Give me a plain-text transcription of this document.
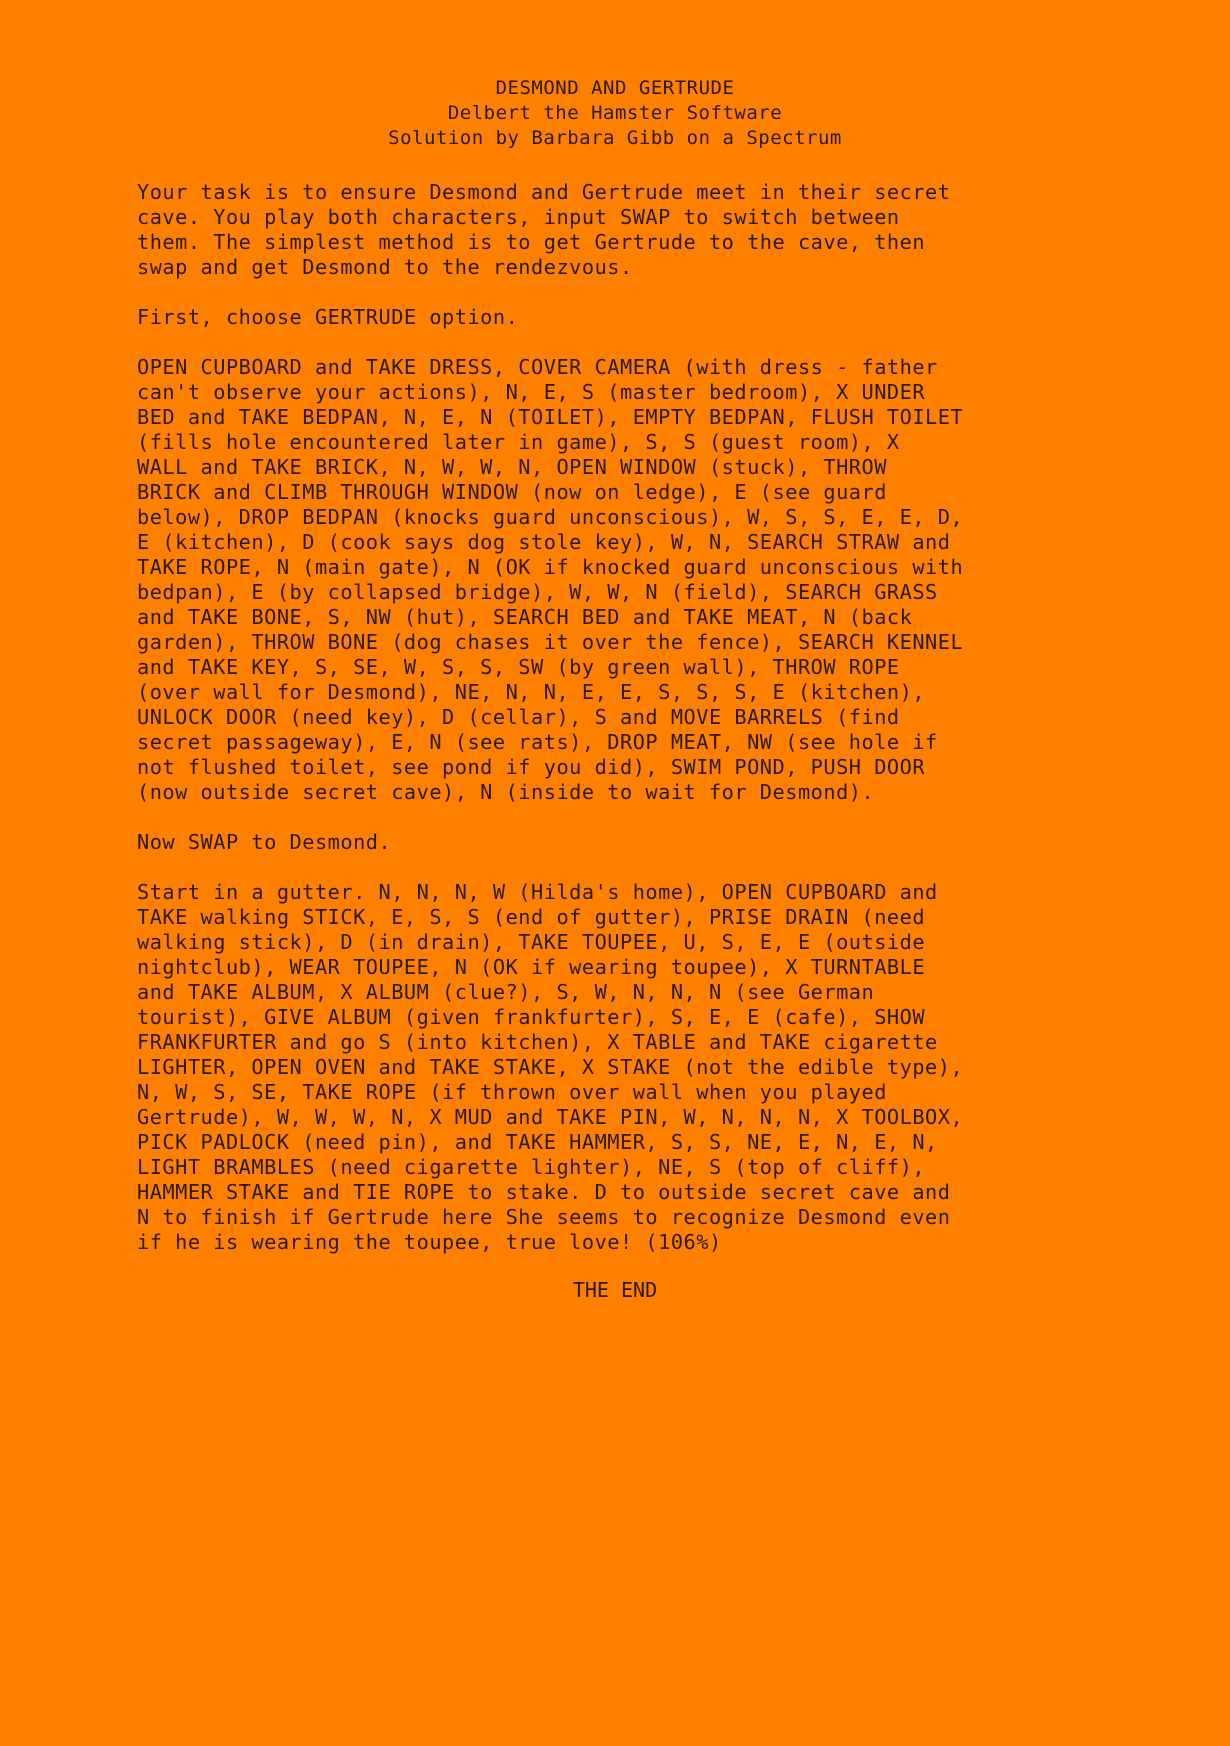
DESMOND AND GERTRUDE
Delbert the Hamster Software
Solution by Barbara Gibb on a Spectrum
Your task is to ensure Desmond and Gertrude meet in their secret
cave. You play both characters, input SWAP to switch between
them. The simplest method is to get Gertrude to the cave, then
swap and get Desmond to the rendezvous.
First, choose GERTRUDE option.
OPEN CUPBOARD and TAKE DRESS, COVER CAMERA (with dress - father
can't observe your actions), N, E, S (master bedroom), X UNDER
BED and TAKE BEDPAN, N, E, N (TOILET), EMPTY BEDPAN, FLUSH TOILET
(fills hole encountered later in game), S, S (guest room), X
WALL and TAKE BRICK, N, W, W, N, OPEN WINDOW (stuck), THROW
BRICK and CLIMB THROUGH WINDOW (now on ledge), E (see guard
below), DROP BEDPAN (knocks guard unconscious), W, S, S, E, E, D,
E (kitchen), D (cook says dog stole key), W, N, SEARCH STRAW and
TAKE ROPE, N (main gate), N (OK if knocked guard unconscious with
bedpan), E (by collapsed bridge), W, W, N (field), SEARCH GRASS
and TAKE BONE, S, NW (hut), SEARCH BED and TAKE MEAT, N (back
garden), THROW BONE (dog chases it over the fence), SEARCH KENNEL
and TAKE KEY, S, SE, W, S, S, SW (by green wall), THROW ROPE
(over wall for Desmond), NE, N, N, E, E, S, S, S, E (kitchen),
UNLOCK DOOR (need key), D (cellar), S and MOVE BARRELS (find
secret passageway), E, N (see rats), DROP MEAT, NW (see hole if
not flushed toilet, see pond if you did), SWIM POND, PUSH DOOR
(now outside secret cave), N (inside to wait for Desmond).
Now SWAP to Desmond.
Start in a gutter. N, N, N, W (Hilda's home), OPEN CUPBOARD and
TAKE walking STICK, E, S, S (end of gutter), PRISE DRAIN (need
walking stick), D (in drain), TAKE TOUPEE, U, S, E, E (outside
nightclub), WEAR TOUPEE, N (OK if wearing toupee), X TURNTABLE
and TAKE ALBUM, X ALBUM (clue?), S, W, N, N, N (see German
tourist), GIVE ALBUM (given frankfurter), S, E, E (cafe), SHOW
FRANKFURTER and go S (into kitchen), X TABLE and TAKE cigarette
LIGHTER, OPEN OVEN and TAKE STAKE, X STAKE (not the edible type),
N, W, S, SE, TAKE ROPE (if thrown over wall when you played
Gertrude), W, W, W, N, X MUD and TAKE PIN, W, N, N, N, X TOOLBOX,
PICK PADLOCK (need pin), and TAKE HAMMER, S, S, NE, E, N, E, N,
LIGHT BRAMBLES (need cigarette lighter), NE, S (top of cliff),
HAMMER STAKE and TIE ROPE to stake. D to outside secret cave and
N to finish if Gertrude here She seems to recognize Desmond even
if he is wearing the toupee, true love! (106%)
THE END
